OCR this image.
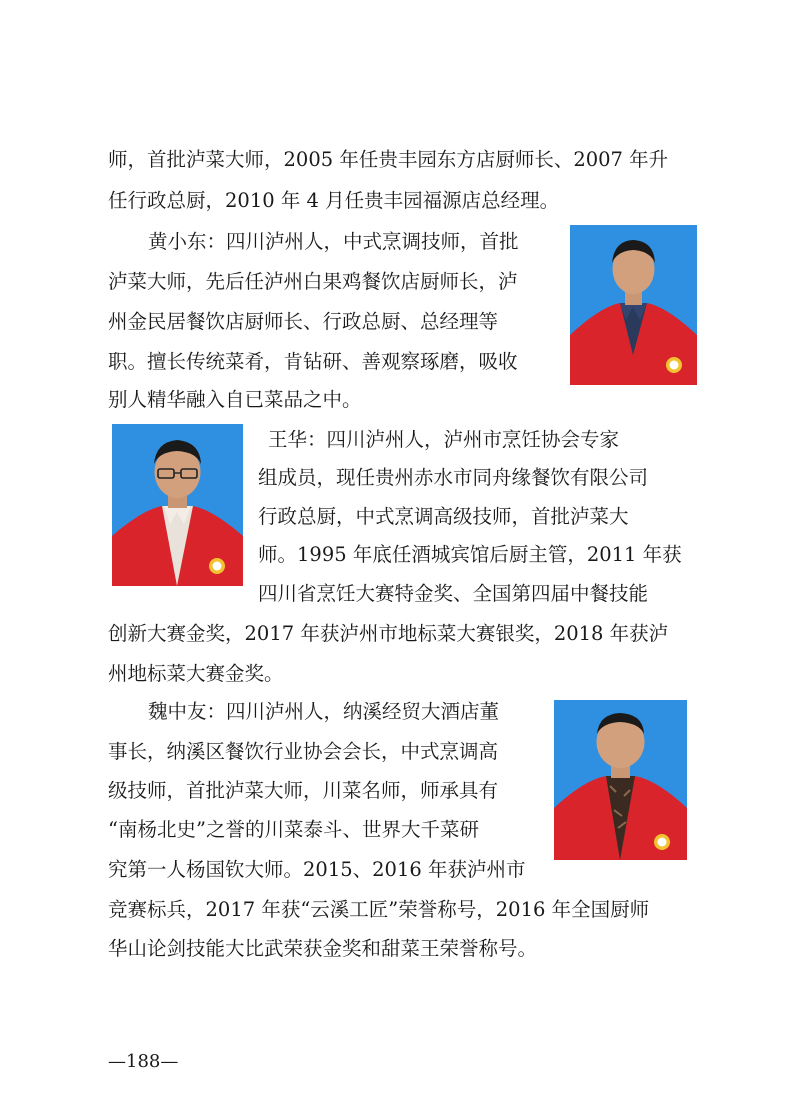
师，首批泸菜大师，2005 年任贵丰园东方店厨师长、2007 年升
任行政总厨，2010 年 4 月任贵丰园福源店总经理。
黄小东：四川泸州人，中式烹调技师，首批
泸菜大师，先后任泸州白果鸡餐饮店厨师长，泸
州金民居餐饮店厨师长、行政总厨、总经理等
职。擅长传统菜肴，肯钻研、善观察琢磨，吸收
别人精华融入自已菜品之中。
王华：四川泸州人，泸州市烹饪协会专家
组成员，现任贵州赤水市同舟缘餐饮有限公司
行政总厨，中式烹调高级技师，首批泸菜大
师。1995 年底任酒城宾馆后厨主管，2011 年获
四川省烹饪大赛特金奖、全国第四届中餐技能
创新大赛金奖，2017 年获泸州市地标菜大赛银奖，2018 年获泸
州地标菜大赛金奖。
魏中友：四川泸州人，纳溪经贸大酒店董
事长，纳溪区餐饮行业协会会长，中式烹调高
级技师，首批泸菜大师，川菜名师，师承具有
“南杨北史”之誉的川菜泰斗、世界大千菜研
究第一人杨国钦大师。2015、2016 年获泸州市
竞赛标兵，2017 年获“云溪工匠”荣誉称号，2016 年全国厨师
华山论剑技能大比武荣获金奖和甜菜王荣誉称号。
—188—
